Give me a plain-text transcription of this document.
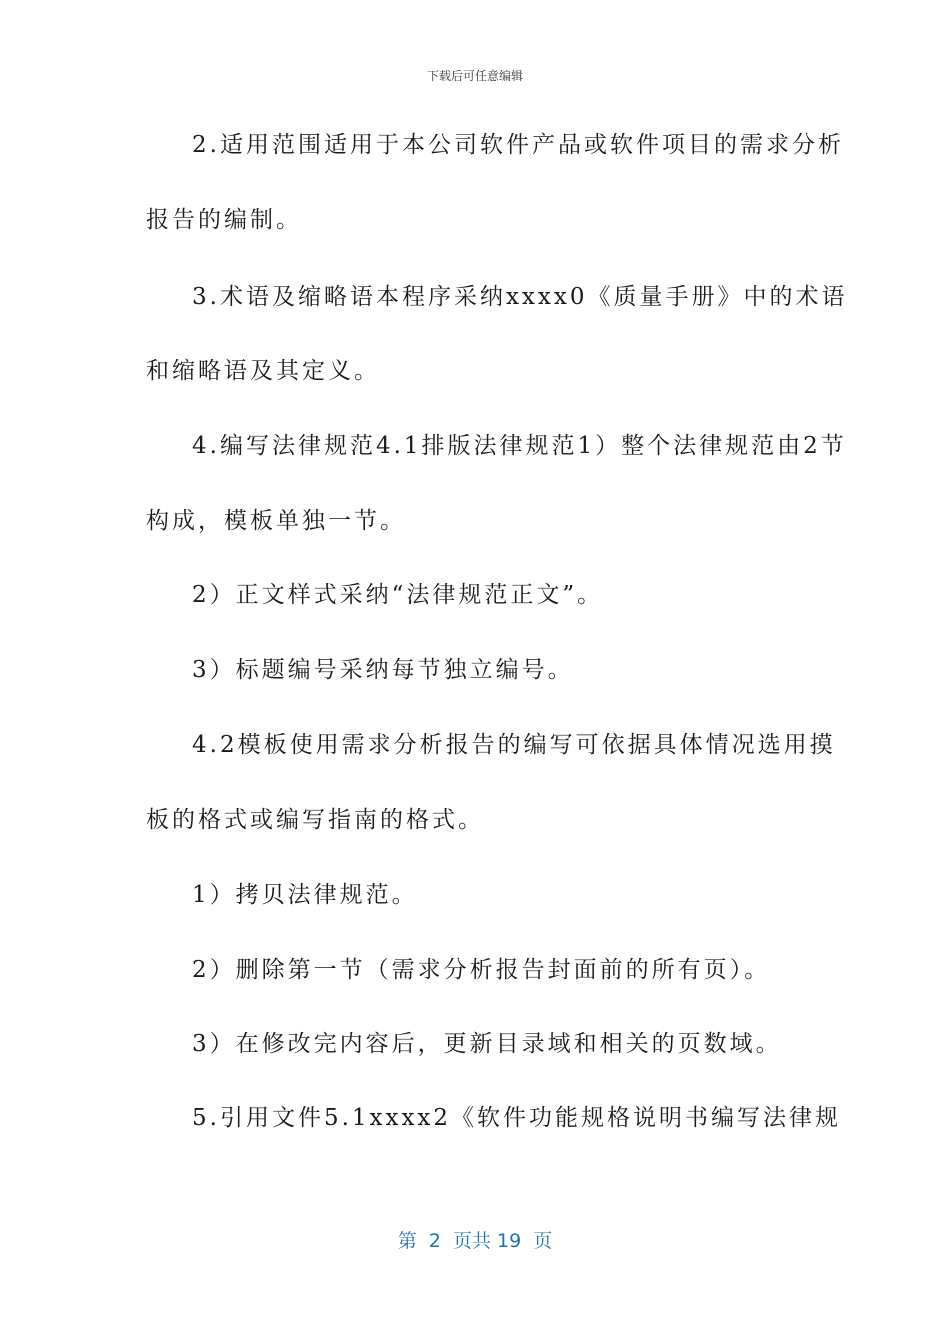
下载后可任意编辑
2.适用范围适用于本公司软件产品或软件项目的需求分析
报告的编制。
3.术语及缩略语本程序采纳xxxx0《质量手册》中的术语
和缩略语及其定义。
4.编写法律规范4.1排版法律规范1）整个法律规范由2节
构成，模板单独一节。
2）正文样式采纳“法律规范正文”。
3）标题编号采纳每节独立编号。
4.2模板使用需求分析报告的编写可依据具体情况选用摸
板的格式或编写指南的格式。
1）拷贝法律规范。
2）删除第一节（需求分析报告封面前的所有页）。
3）在修改完内容后，更新目录域和相关的页数域。
5.引用文件5.1xxxx2《软件功能规格说明书编写法律规
第  2  页共 19  页
